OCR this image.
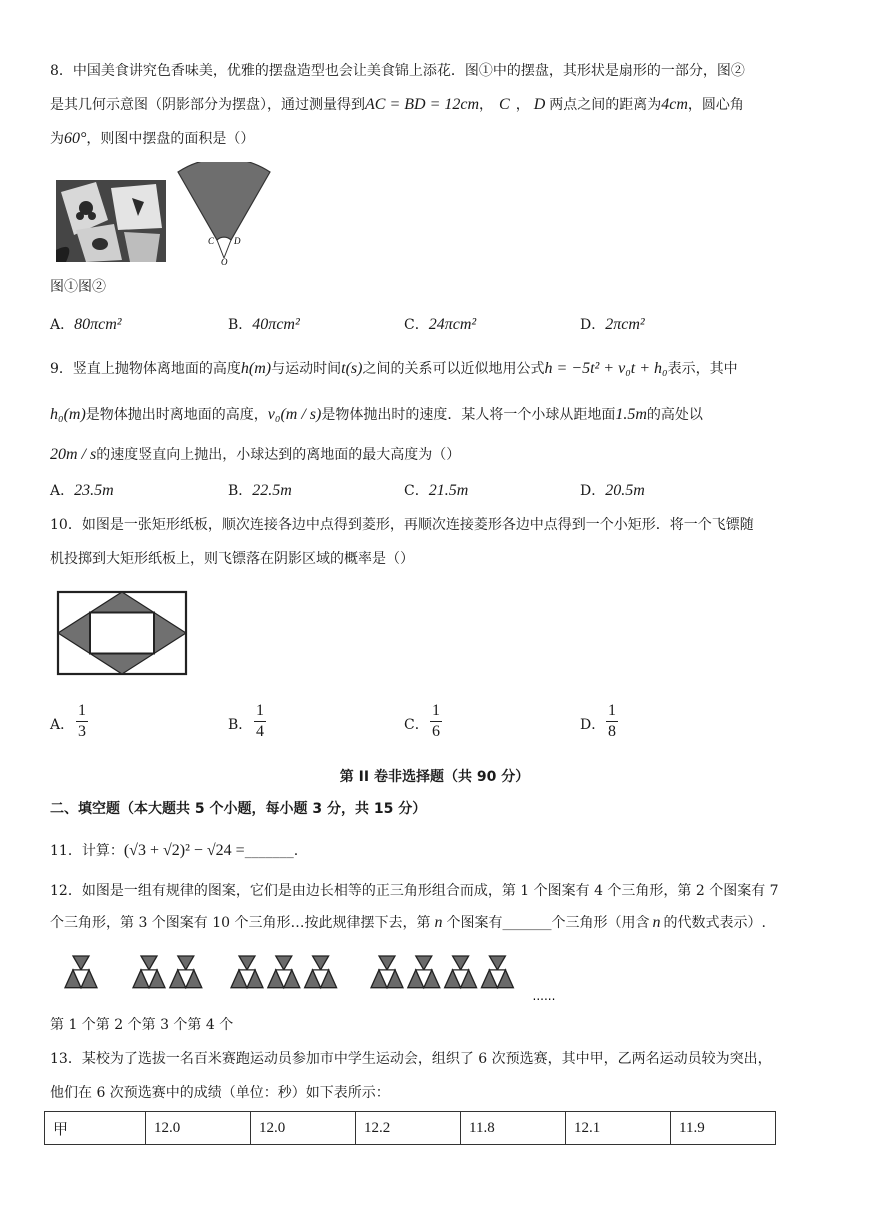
8．中国美食讲究色香味美，优雅的摆盘造型也会让美食锦上添花．图①中的摆盘，其形状是扇形的一部分，图②
是其几何示意图（阴影部分为摆盘），通过测量得到AC = BD = 12cm， C ， D 两点之间的距离为4cm，圆心角
为60°，则图中摆盘的面积是（）
C D
O
图①图②
A．80πcm²	B．40πcm²	C．24πcm²	D．2πcm²
9．竖直上抛物体离地面的高度h(m)与运动时间t(s)之间的关系可以近似地用公式h = −5t² + v₀t + h₀表示，其中
h₀(m)是物体抛出时离地面的高度，v₀(m / s)是物体抛出时的速度．某人将一个小球从距地面1.5m的高处以
20m / s的速度竖直向上抛出，小球达到的离地面的最大高度为（）
A．23.5m	B．22.5m	C．21.5m	D．20.5m
10．如图是一张矩形纸板，顺次连接各边中点得到菱形，再顺次连接菱形各边中点得到一个小矩形．将一个飞镖随
机投掷到大矩形纸板上，则飞镖落在阴影区域的概率是（）
A．
1
3	B．
1
4	C．
1
6	D．
1
8
第 II 卷非选择题（共 90 分）
二、填空题（本大题共 5 个小题，每小题 3 分，共 15 分）
11．计算：(√3 + √2)² − √24 =_______.
12．如图是一组有规律的图案，它们是由边长相等的正三角形组合而成，第 1 个图案有 4 个三角形，第 2 个图案有 7
个三角形，第 3 个图案有 10 个三角形…按此规律摆下去，第 n 个图案有_______个三角形（用含 n 的代数式表示）.
......
第 1 个第 2 个第 3 个第 4 个
13．某校为了选拔一名百米赛跑运动员参加市中学生运动会，组织了 6 次预选赛，其中甲，乙两名运动员较为突出，
他们在 6 次预选赛中的成绩（单位：秒）如下表所示：
甲	12.0	12.0	12.2	11.8	12.1	11.9
